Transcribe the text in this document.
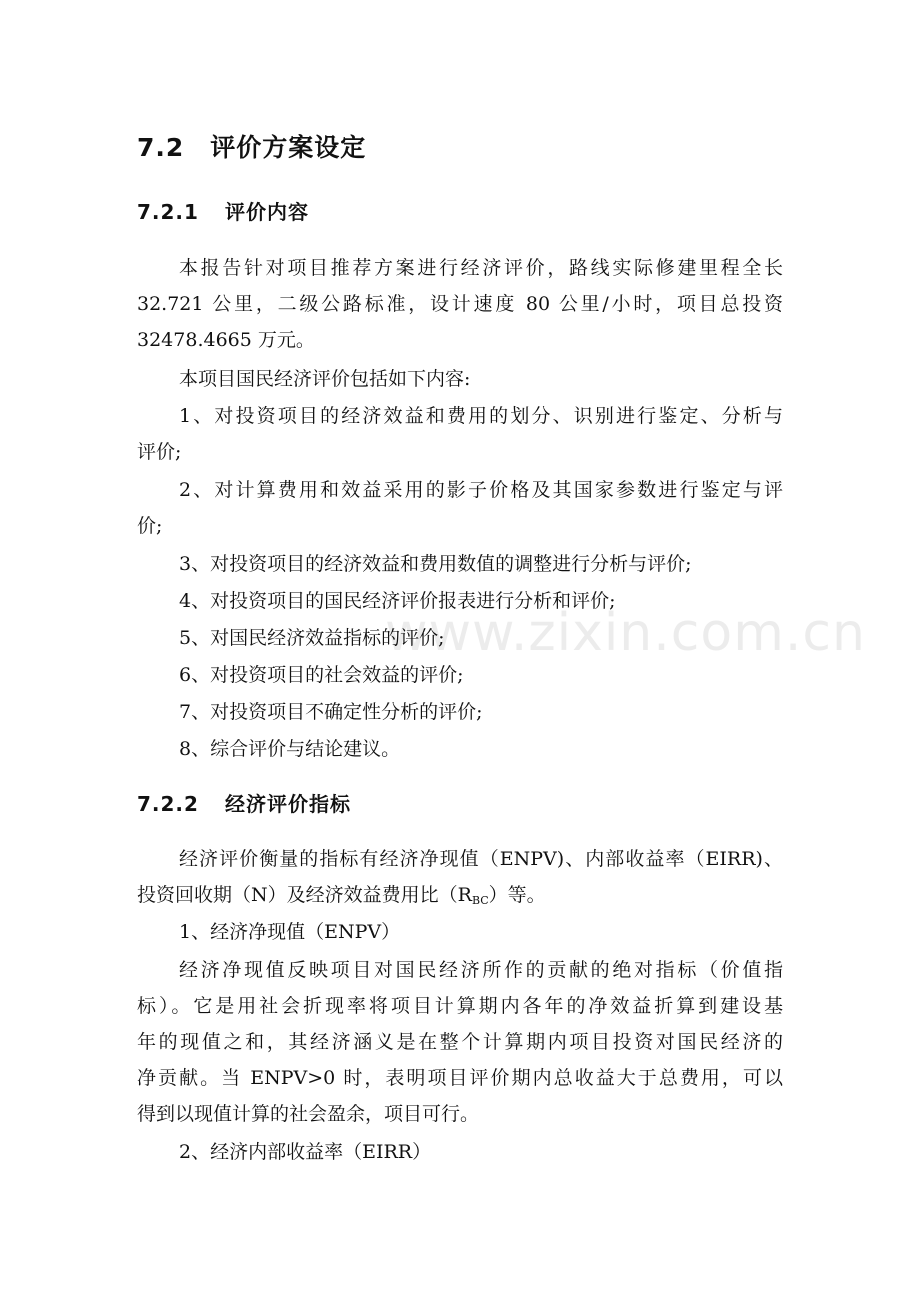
www.zixin.com.cn
7.2 评价方案设定
7.2.1 评价内容
本报告针对项目推荐方案进行经济评价，路线实际修建里程全长
32.721 公里，二级公路标准，设计速度 80 公里/小时，项目总投资
32478.4665 万元。
本项目国民经济评价包括如下内容:
1、对投资项目的经济效益和费用的划分、识别进行鉴定、分析与
评价;
2、对计算费用和效益采用的影子价格及其国家参数进行鉴定与评
价;
3、对投资项目的经济效益和费用数值的调整进行分析与评价;
4、对投资项目的国民经济评价报表进行分析和评价;
5、对国民经济效益指标的评价;
6、对投资项目的社会效益的评价;
7、对投资项目不确定性分析的评价;
8、综合评价与结论建议。
7.2.2 经济评价指标
经济评价衡量的指标有经济净现值（ENPV)、内部收益率（EIRR)、
投资回收期（N）及经济效益费用比$(R_{BC})$等。
1、经济净现值（ENPV）
经济净现值反映项目对国民经济所作的贡献的绝对指标（价值指
标）。它是用社会折现率将项目计算期内各年的净效益折算到建设基
年的现值之和，其经济涵义是在整个计算期内项目投资对国民经济的
净贡献。当 ENPV>0 时，表明项目评价期内总收益大于总费用，可以
得到以现值计算的社会盈余，项目可行。
2、经济内部收益率（EIRR）
